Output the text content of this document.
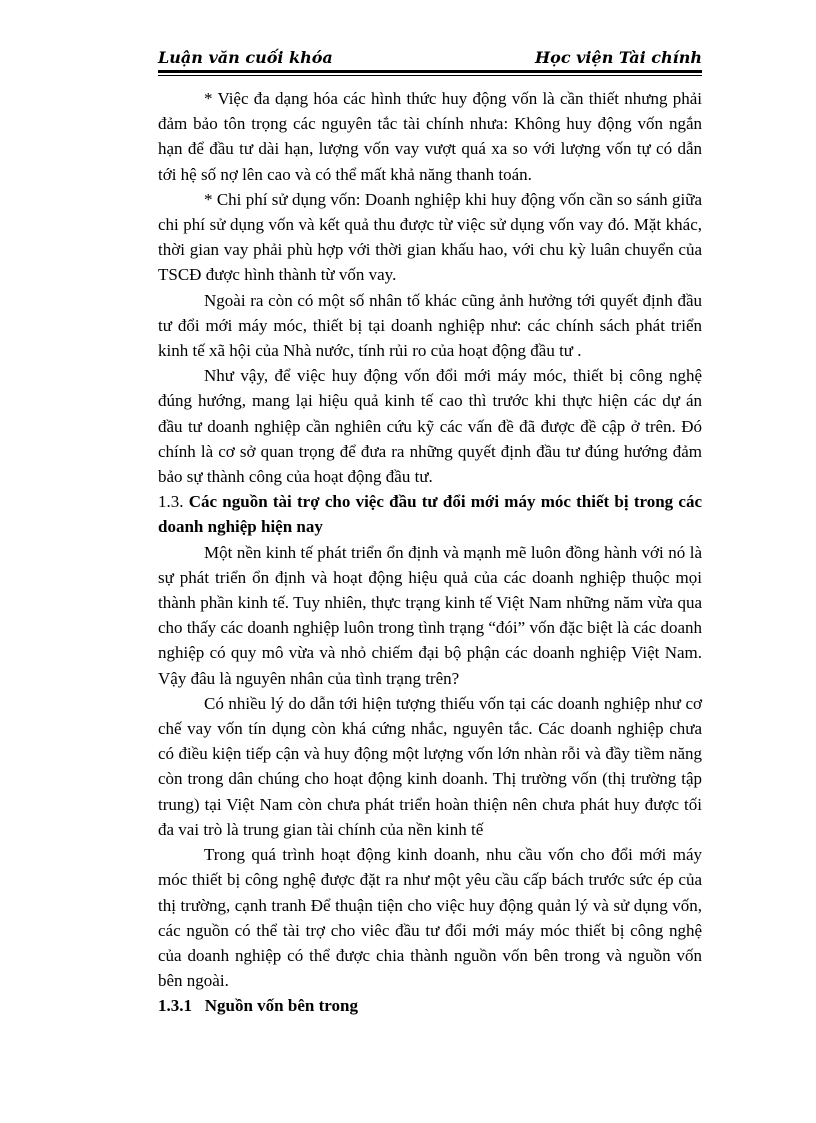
Luận văn cuối khóa	Học viện Tài chính

* Việc đa dạng hóa các hình thức huy động vốn là cần thiết nhưng phải đảm bảo tôn trọng các nguyên tắc tài chính nhưa: Không huy động vốn ngắn hạn để đầu tư dài hạn, lượng vốn vay vượt quá xa so với lượng vốn tự có dẫn tới hệ số nợ lên cao và có thể mất khả năng thanh toán.

* Chi phí sử dụng vốn: Doanh nghiệp khi huy động vốn cần so sánh giữa chi phí sử dụng vốn và kết quả thu được từ việc sử dụng vốn vay đó. Mặt khác, thời gian vay phải phù hợp với thời gian khấu hao, với chu kỳ luân chuyển của TSCĐ được hình thành từ vốn vay.

Ngoài ra còn có một số nhân tố khác cũng ảnh hưởng tới quyết định đầu tư đổi mới máy móc, thiết bị tại doanh nghiệp như: các chính sách phát triển kinh tế xã hội của Nhà nước, tính rủi ro của hoạt động đầu tư .

Như vậy, để việc huy động vốn đổi mới máy móc, thiết bị công nghệ đúng hướng, mang lại hiệu quả kinh tế cao thì trước khi thực hiện các dự án đầu tư doanh nghiệp cần nghiên cứu kỹ các vấn đề đã được đề cập ở trên. Đó chính là cơ sở quan trọng để đưa ra những quyết định đầu tư đúng hướng đảm bảo sự thành công của hoạt động đầu tư.

1.3. Các nguồn tài trợ cho việc đầu tư đổi mới máy móc thiết bị trong các doanh nghiệp hiện nay

Một nền kinh tế phát triển ổn định và mạnh mẽ luôn đồng hành với nó là sự phát triển ổn định và hoạt động hiệu quả của các doanh nghiệp thuộc mọi thành phần kinh tế. Tuy nhiên, thực trạng kinh tế Việt Nam những năm vừa qua cho thấy các doanh nghiệp luôn trong tình trạng “đói” vốn đặc biệt là các doanh nghiệp có quy mô vừa và nhỏ chiếm đại bộ phận các doanh nghiệp Việt Nam. Vậy đâu là nguyên nhân của tình trạng trên?

Có nhiều lý do dẫn tới hiện tượng thiếu vốn tại các doanh nghiệp như cơ chế vay vốn tín dụng còn khá cứng nhắc, nguyên tắc. Các doanh nghiệp chưa có điều kiện tiếp cận và huy động một lượng vốn lớn nhàn rỗi và đầy tiềm năng còn trong dân chúng cho hoạt động kinh doanh. Thị trường vốn (thị trường tập trung) tại Việt Nam còn chưa phát triển hoàn thiện nên chưa phát huy được tối đa vai trò là trung gian tài chính của nền kinh tế

Trong quá trình hoạt động kinh doanh, nhu cầu vốn cho đổi mới máy móc thiết bị công nghệ được đặt ra như một yêu cầu cấp bách trước sức ép của thị trường, cạnh tranh Để thuận tiện cho việc huy động quản lý và sử dụng vốn, các nguồn có thể tài trợ cho viêc đầu tư đổi mới máy móc thiết bị công nghệ của doanh nghiệp có thể được chia thành nguồn vốn bên trong và nguồn vốn bên ngoài.

1.3.1 Nguồn vốn bên trong
